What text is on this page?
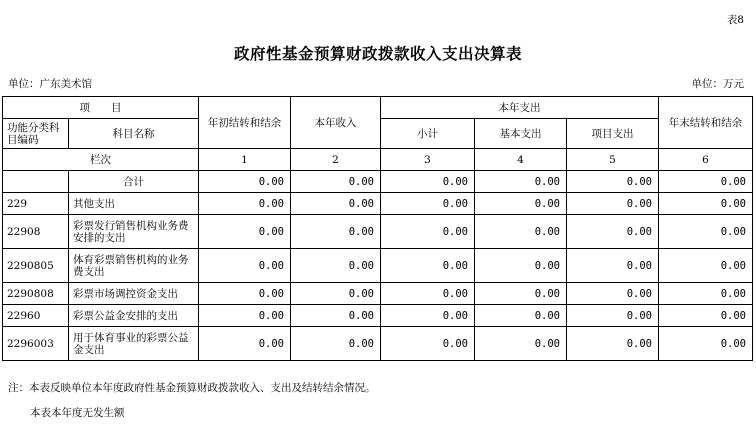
表8
政府性基金预算财政拨款收入支出决算表
单位：广东美术馆	单位：万元
项　　目		年初结转和结余	本年收入	本年支出			年末结转和结余
功能分类科目编码	科目名称			小计	基本支出	项目支出	
栏次		1	2	3	4	5	6
	合计	0.00	0.00	0.00	0.00	0.00	0.00
229	其他支出	0.00	0.00	0.00	0.00	0.00	0.00
22908	彩票发行销售机构业务费安排的支出	0.00	0.00	0.00	0.00	0.00	0.00
2290805	体育彩票销售机构的业务费支出	0.00	0.00	0.00	0.00	0.00	0.00
2290808	彩票市场调控资金支出	0.00	0.00	0.00	0.00	0.00	0.00
22960	彩票公益金安排的支出	0.00	0.00	0.00	0.00	0.00	0.00
2296003	用于体育事业的彩票公益金支出	0.00	0.00	0.00	0.00	0.00	0.00
注：本表反映单位本年度政府性基金预算财政拨款收入、支出及结转结余情况。
本表本年度无发生额
